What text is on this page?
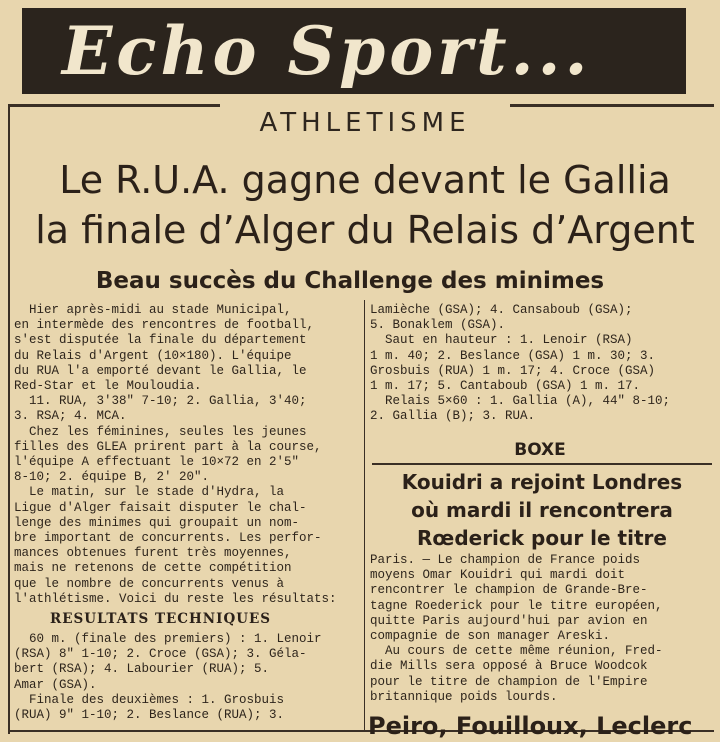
Echo Sport...
ATHLETISME
Le R.U.A. gagne devant le Gallia
la finale d’Alger du Relais d’Argent
Beau succès du Challenge des minimes
Hier après-midi au stade Municipal,
en intermède des rencontres de football,
s'est disputée la finale du département
du Relais d'Argent (10×180). L'équipe
du RUA l'a emporté devant le Gallia, le
Red-Star et le Mouloudia.
11. RUA, 3'38" 7-10; 2. Gallia, 3'40;
3. RSA; 4. MCA.
Chez les féminines, seules les jeunes
filles des GLEA prirent part à la course,
l'équipe A effectuant le 10×72 en 2'5"
8-10; 2. équipe B, 2' 20".
Le matin, sur le stade d'Hydra, la
Ligue d'Alger faisait disputer le chal-
lenge des minimes qui groupait un nom-
bre important de concurrents. Les perfor-
mances obtenues furent très moyennes,
mais ne retenons de cette compétition
que le nombre de concurrents venus à
l'athlétisme. Voici du reste les résultats:
RESULTATS TECHNIQUES
60 m. (finale des premiers) : 1. Lenoir
(RSA) 8" 1-10; 2. Croce (GSA); 3. Géla-
bert (RSA); 4. Labourier (RUA); 5.
Amar (GSA).
Finale des deuxièmes : 1. Grosbuis
(RUA) 9" 1-10; 2. Beslance (RUA); 3.
Lamièche (GSA); 4. Cansaboub (GSA);
5. Bonaklem (GSA).
Saut en hauteur : 1. Lenoir (RSA)
1 m. 40; 2. Beslance (GSA) 1 m. 30; 3.
Grosbuis (RUA) 1 m. 17; 4. Croce (GSA)
1 m. 17; 5. Cantaboub (GSA) 1 m. 17.
Relais 5×60 : 1. Gallia (A), 44" 8-10;
2. Gallia (B); 3. RUA.
BOXE
Kouidri a rejoint Londres
où mardi il rencontrera
Rœderick pour le titre
Paris. — Le champion de France poids
moyens Omar Kouidri qui mardi doit
rencontrer le champion de Grande-Bre-
tagne Roederick pour le titre européen,
quitte Paris aujourd'hui par avion en
compagnie de son manager Areski.
Au cours de cette même réunion, Fred-
die Mills sera opposé à Bruce Woodcok
pour le titre de champion de l'Empire
britannique poids lourds.
Peiro, Fouilloux, Leclerc
